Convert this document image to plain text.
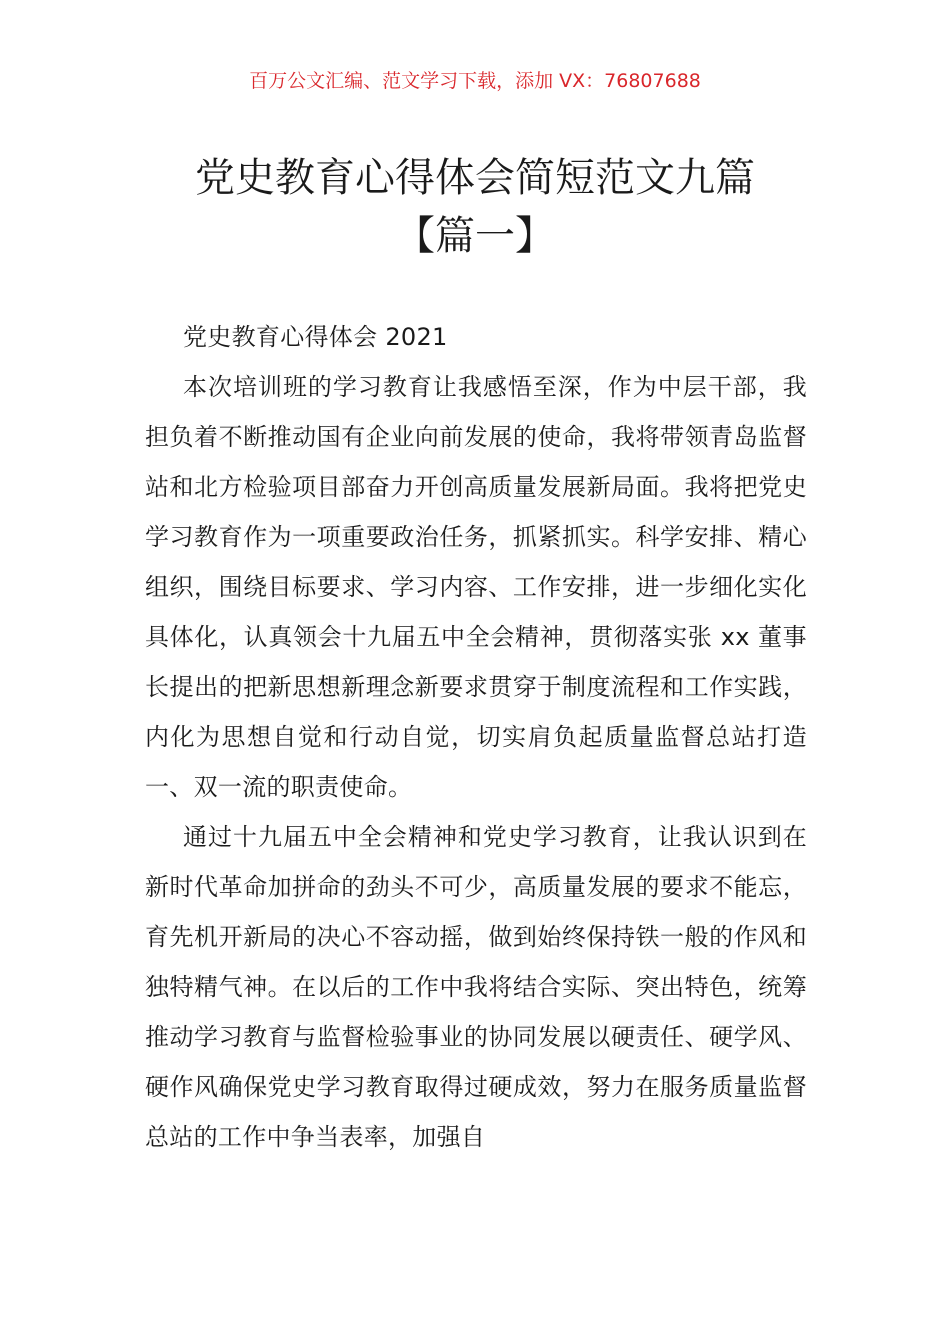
百万公文汇编、范文学习下载，添加 VX：76807688
党史教育心得体会简短范文九篇
【篇一】

党史教育心得体会 2021

本次培训班的学习教育让我感悟至深，作为中层干部，我担负着不断推动国有企业向前发展的使命，我将带领青岛监督站和北方检验项目部奋力开创高质量发展新局面。我将把党史学习教育作为一项重要政治任务，抓紧抓实。科学安排、精心组织，围绕目标要求、学习内容、工作安排，进一步细化实化具体化，认真领会十九届五中全会精神，贯彻落实张 xx 董事长提出的把新思想新理念新要求贯穿于制度流程和工作实践，内化为思想自觉和行动自觉，切实肩负起质量监督总站打造一、双一流的职责使命。

通过十九届五中全会精神和党史学习教育，让我认识到在新时代革命加拼命的劲头不可少，高质量发展的要求不能忘，育先机开新局的决心不容动摇，做到始终保持铁一般的作风和独特精气神。在以后的工作中我将结合实际、突出特色，统筹推动学习教育与监督检验事业的协同发展以硬责任、硬学风、硬作风确保党史学习教育取得过硬成效，努力在服务质量监督总站的工作中争当表率，加强自
